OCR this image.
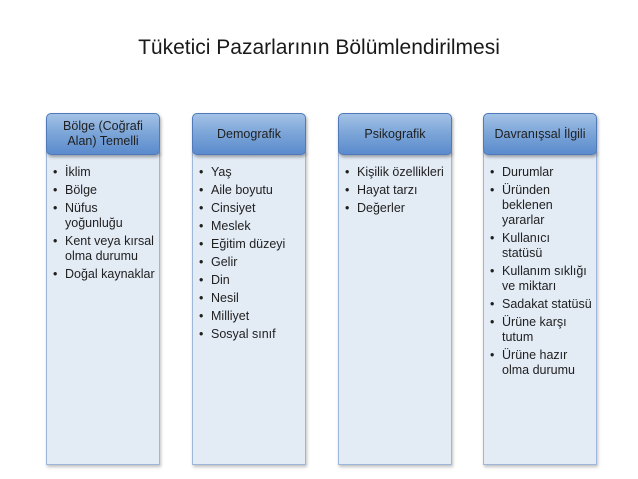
Tüketici Pazarlarının Bölümlendirilmesi
Bölge (Coğrafi Alan) Temelli
• İklim
• Bölge
• Nüfus yoğunluğu
• Kent veya kırsal olma durumu
• Doğal kaynaklar
Demografik
• Yaş
• Aile boyutu
• Cinsiyet
• Meslek
• Eğitim düzeyi
• Gelir
• Din
• Nesil
• Milliyet
• Sosyal sınıf
Psikografik
• Kişilik özellikleri
• Hayat tarzı
• Değerler
Davranışsal İlgili
• Durumlar
• Üründen beklenen yararlar
• Kullanıcı statüsü
• Kullanım sıklığı ve miktarı
• Sadakat statüsü
• Ürüne karşı tutum
• Ürüne hazır olma durumu
